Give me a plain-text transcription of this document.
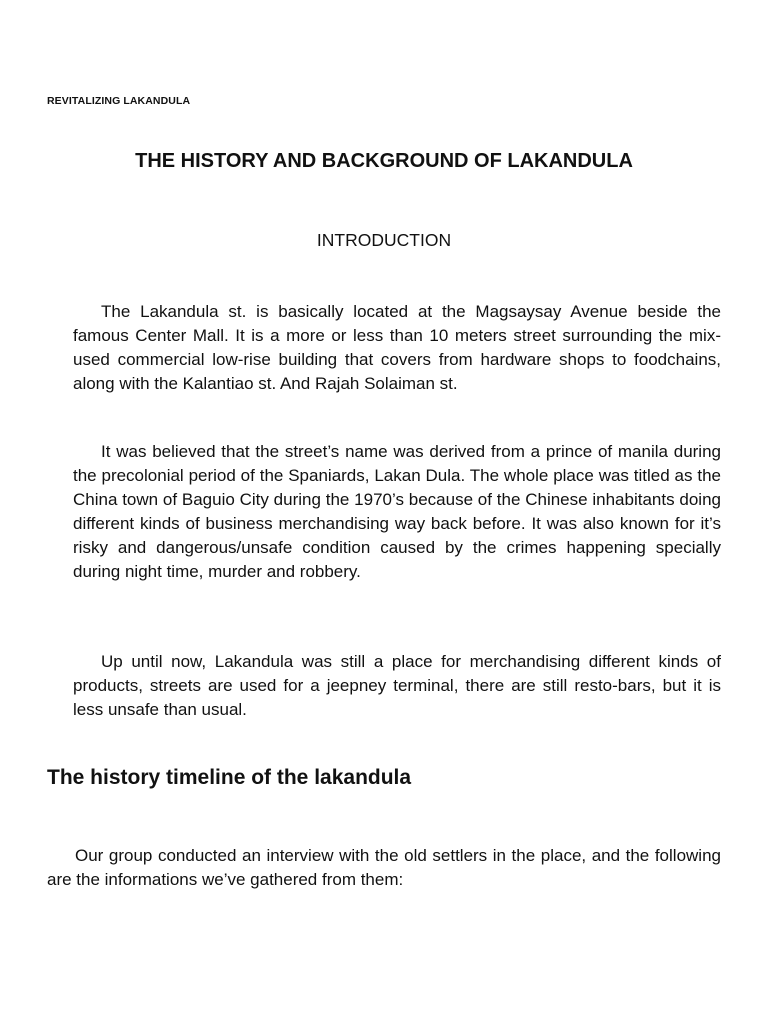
REVITALIZING LAKANDULA
THE HISTORY AND BACKGROUND OF LAKANDULA
INTRODUCTION

The Lakandula st. is basically located at the Magsaysay Avenue beside the famous Center Mall. It is a more or less than 10 meters street surrounding the mix-used commercial low-rise building that covers from hardware shops to foodchains, along with the Kalantiao st. And Rajah Solaiman st.

It was believed that the street’s name was derived from a prince of manila during the precolonial period of the Spaniards, Lakan Dula. The whole place was titled as the China town of Baguio City during the 1970’s because of the Chinese inhabitants doing different kinds of business merchandising way back before. It was also known for it’s risky and dangerous/unsafe condition caused by the crimes happening specially during night time, murder and robbery.

Up until now, Lakandula was still a place for merchandising different kinds of products, streets are used for a jeepney terminal, there are still resto-bars, but it is less unsafe than usual.

The history timeline of the lakandula

Our group conducted an interview with the old settlers in the place, and the following are the informations we’ve gathered from them:
